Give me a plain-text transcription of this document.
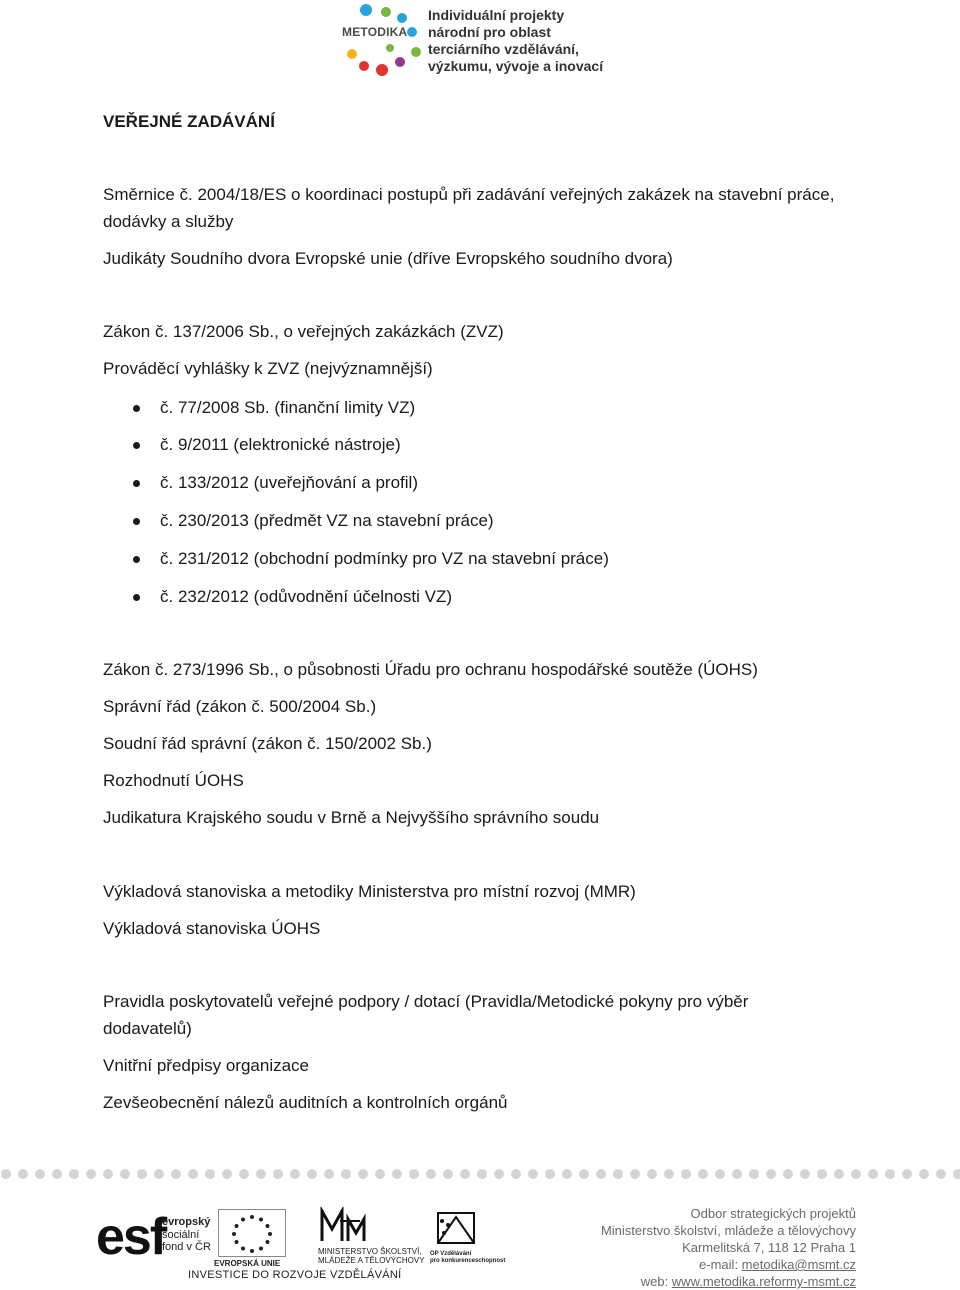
METODIKA
Individuální projekty
národní pro oblast
terciárního vzdělávání,
výzkumu, vývoje a inovací
VEŘEJNÉ ZADÁVÁNÍ
Směrnice č. 2004/18/ES o koordinaci postupů při zadávání veřejných zakázek na stavební práce,
dodávky a služby
Judikáty Soudního dvora Evropské unie (dříve Evropského soudního dvora)
Zákon č. 137/2006 Sb., o veřejných zakázkách (ZVZ)
Prováděcí vyhlášky k ZVZ (nejvýznamnější)
č. 77/2008 Sb. (finanční limity VZ)
č. 9/2011 (elektronické nástroje)
č. 133/2012 (uveřejňování a profil)
č. 230/2013 (předmět VZ na stavební práce)
č. 231/2012 (obchodní podmínky pro VZ na stavební práce)
č. 232/2012 (odůvodnění účelnosti VZ)
Zákon č. 273/1996 Sb., o působnosti Úřadu pro ochranu hospodářské soutěže (ÚOHS)
Správní řád (zákon č. 500/2004 Sb.)
Soudní řád správní (zákon č. 150/2002 Sb.)
Rozhodnutí ÚOHS
Judikatura Krajského soudu v Brně a Nejvyššího správního soudu
Výkladová stanoviska a metodiky Ministerstva pro místní rozvoj (MMR)
Výkladová stanoviska ÚOHS
Pravidla poskytovatelů veřejné podpory / dotací (Pravidla/Metodické pokyny pro výběr
dodavatelů)
Vnitřní předpisy organizace
Zevšeobecnění nálezů auditních a kontrolních orgánů
esf
evropský
sociální
fond v ČR
EVROPSKÁ UNIE
MINISTERSTVO ŠKOLSTVÍ,
MLÁDEŽE A TĚLOVÝCHOVY
OP Vzdělávání
pro konkurenceschopnost
INVESTICE DO ROZVOJE VZDĚLÁVÁNÍ
Odbor strategických projektů
Ministerstvo školství, mládeže a tělovýchovy
Karmelitská 7, 118 12 Praha 1
e-mail: metodika@msmt.cz
web: www.metodika.reformy-msmt.cz
